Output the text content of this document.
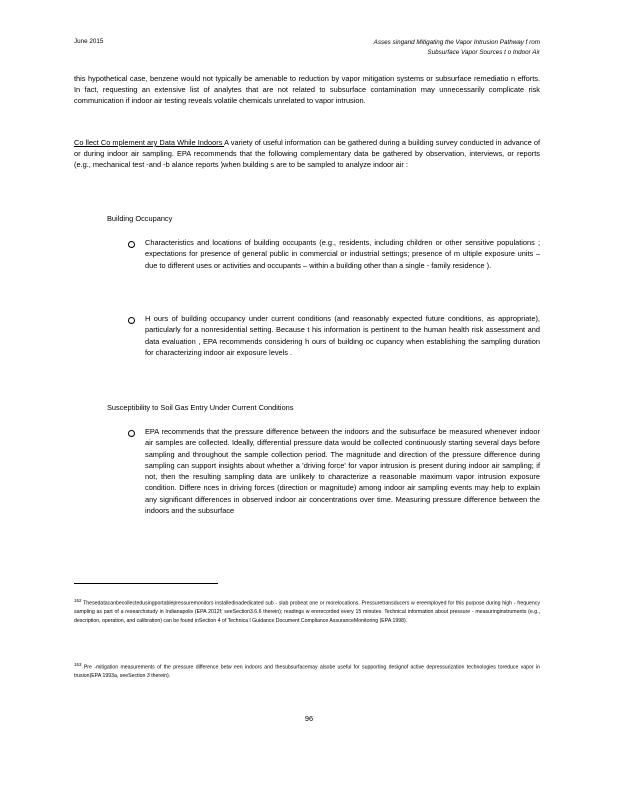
June 2015	Asses singand Mitigating the Vapor Intrusion Pathway f rom
Subsurface Vapor Sources t o Indoor Air
this hypothetical case, benzene would not typically be amenable to reduction by vapor mitigation systems or subsurface remediatio n efforts. In fact, requesting an extensive list of analytes that are not related to subsurface contamination may unnecessarily complicate risk communication if indoor air testing reveals volatile chemicals unrelated to vapor intrusion.
Co llect Co mplement ary Data While Indoors A variety of useful information can be gathered during a building survey conducted in advance of or during indoor air sampling. EPA recommends that the following complementary data be gathered by observation, interviews, or reports (e.g., mechanical test -and -b alance reports )when building s are to be sampled to analyze indoor air :
Building Occupancy
Characteristics and locations of building occupants (e.g., residents, including children or other sensitive populations ; expectations for presence of general public in commercial or industrial settings; presence of m ultiple exposure units – due to different uses or activities and occupants – within a building other than a single - family residence ).
H ours of building occupancy under current conditions (and reasonably expected future conditions, as appropriate), particularly for a nonresidential setting. Because t his information is pertinent to the human health risk assessment and data evaluation , EPA recommends considering h ours of building oc cupancy when establishing the sampling duration for characterizing indoor air exposure levels .
Susceptibility to Soil Gas Entry Under Current Conditions
EPA recommends that the pressure difference between the indoors and the subsurface be measured whenever indoor air samples are collected. Ideally, differential pressure data would be collected continuously starting several days before sampling and throughout the sample collection period. The magnitude and direction of the pressure difference during sampling can support insights about whether a 'driving force' for vapor intrusion is present during indoor air sampling; if not, then the resulting sampling data are unlikely to characterize a reasonable maximum vapor intrusion exposure condition. Differe nces in driving forces (direction or magnitude) among indoor air sampling events may help to explain any significant differences in observed indoor air concentrations over time. Measuring pressure difference between the indoors and the subsurface
$^{152}$ Thesedatacanbecollectedusingportablepressuremonitors installedinadedicated sub - slab probeat one or morelocations. Pressuretransducers w ereemployed for this purpose during high - frequency sampling as part of a researchstudy in Indianapolis (EPA 2012f; seeSection3.6.6 therein); readings w ererecorded every 15 minutes. Technical information about pressure - measuringinstruments (e.g., description, operation, and calibration) can be found inSection 4 of Technica l Guidance Document Compliance AssuranceMonitoring (EPA 1998).
$^{153}$ Pre -mitigation measurements of the pressure difference betw een indoors and thesubsurfacemay alsobe useful for supporting designof active depressurization technologies toreduce vapor in trusion(EPA 1993a, seeSection 3 therein).
96
